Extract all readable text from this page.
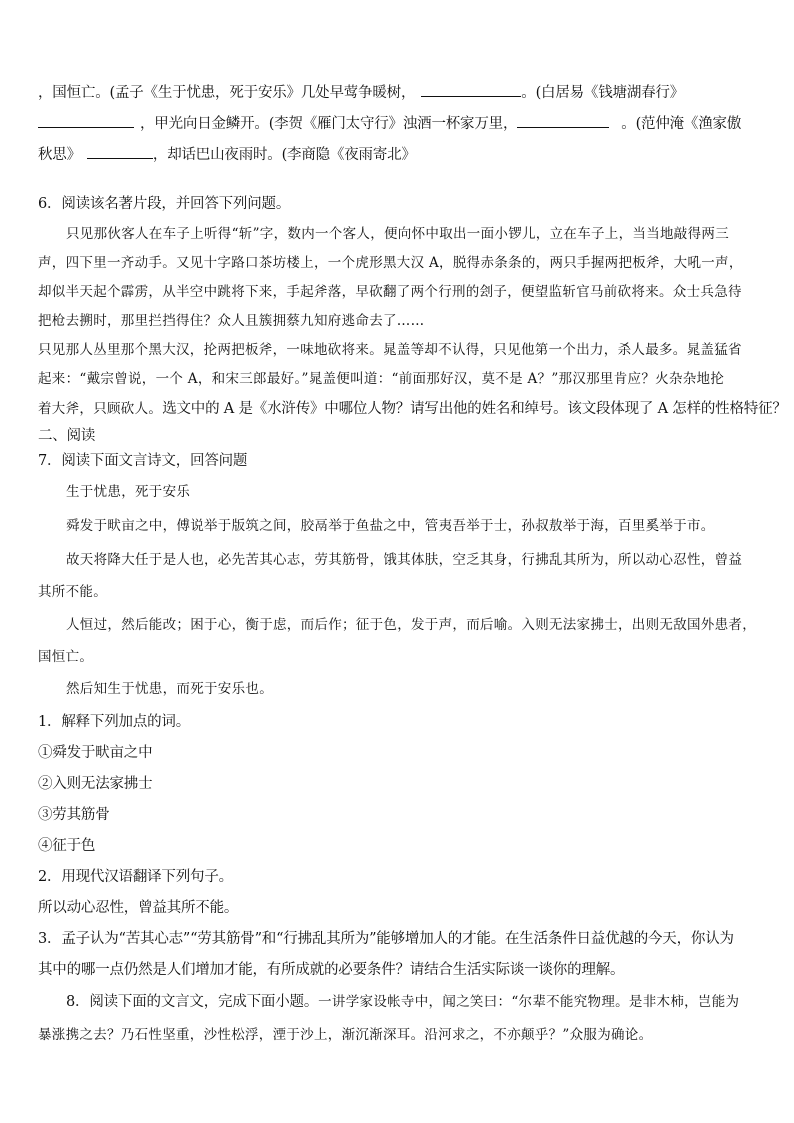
，国恒亡。(孟子《生于忧患，死于安乐》几处早莺争暖树，	。(白居易《钱塘湖春行》
，甲光向日金鳞开。(李贺《雁门太守行》浊酒一杯家万里，	。(范仲淹《渔家傲
秋思》	，却话巴山夜雨时。(李商隐《夜雨寄北》
6．阅读该名著片段，并回答下列问题。
只见那伙客人在车子上听得“斩”字，数内一个客人，便向怀中取出一面小锣儿，立在车子上，当当地敲得两三
声，四下里一齐动手。又见十字路口茶坊楼上，一个虎形黑大汉 A，脱得赤条条的，两只手握两把板斧，大吼一声，
却似半天起个霹雳，从半空中跳将下来，手起斧落，早砍翻了两个行刑的刽子，便望监斩官马前砍将来。众士兵急待
把枪去搠时，那里拦挡得住？众人且簇拥蔡九知府逃命去了……
只见那人丛里那个黑大汉，抡两把板斧，一味地砍将来。晁盖等却不认得，只见他第一个出力，杀人最多。晁盖猛省
起来：“戴宗曾说，一个 A，和宋三郎最好。”晁盖便叫道：“前面那好汉，莫不是 A？”那汉那里肯应？火杂杂地抡
着大斧，只顾砍人。选文中的 A 是《水浒传》中哪位人物？请写出他的姓名和绰号。该文段体现了 A 怎样的性格特征？
二、阅读
7．阅读下面文言诗文，回答问题
生于忧患，死于安乐
舜发于畎亩之中，傅说举于版筑之间，胶鬲举于鱼盐之中，管夷吾举于士，孙叔敖举于海，百里奚举于市。
故天将降大任于是人也，必先苦其心志，劳其筋骨，饿其体肤，空乏其身，行拂乱其所为，所以动心忍性，曾益
其所不能。
人恒过，然后能改；困于心，衡于虑，而后作；征于色，发于声，而后喻。入则无法家拂士，出则无敌国外患者，
国恒亡。
然后知生于忧患，而死于安乐也。
1．解释下列加点的词。
①舜发于畎亩之中
②入则无法家拂士
③劳其筋骨
④征于色
2．用现代汉语翻译下列句子。
所以动心忍性，曾益其所不能。
3．孟子认为“苦其心志”“劳其筋骨”和“行拂乱其所为”能够增加人的才能。在生活条件日益优越的今天，你认为
其中的哪一点仍然是人们增加才能，有所成就的必要条件？请结合生活实际谈一谈你的理解。
8．阅读下面的文言文，完成下面小题。一讲学家设帐寺中，闻之笑曰：“尔辈不能究物理。是非木柿，岂能为
暴涨携之去？乃石性坚重，沙性松浮，湮于沙上，渐沉渐深耳。沿河求之，不亦颠乎？”众服为确论。
